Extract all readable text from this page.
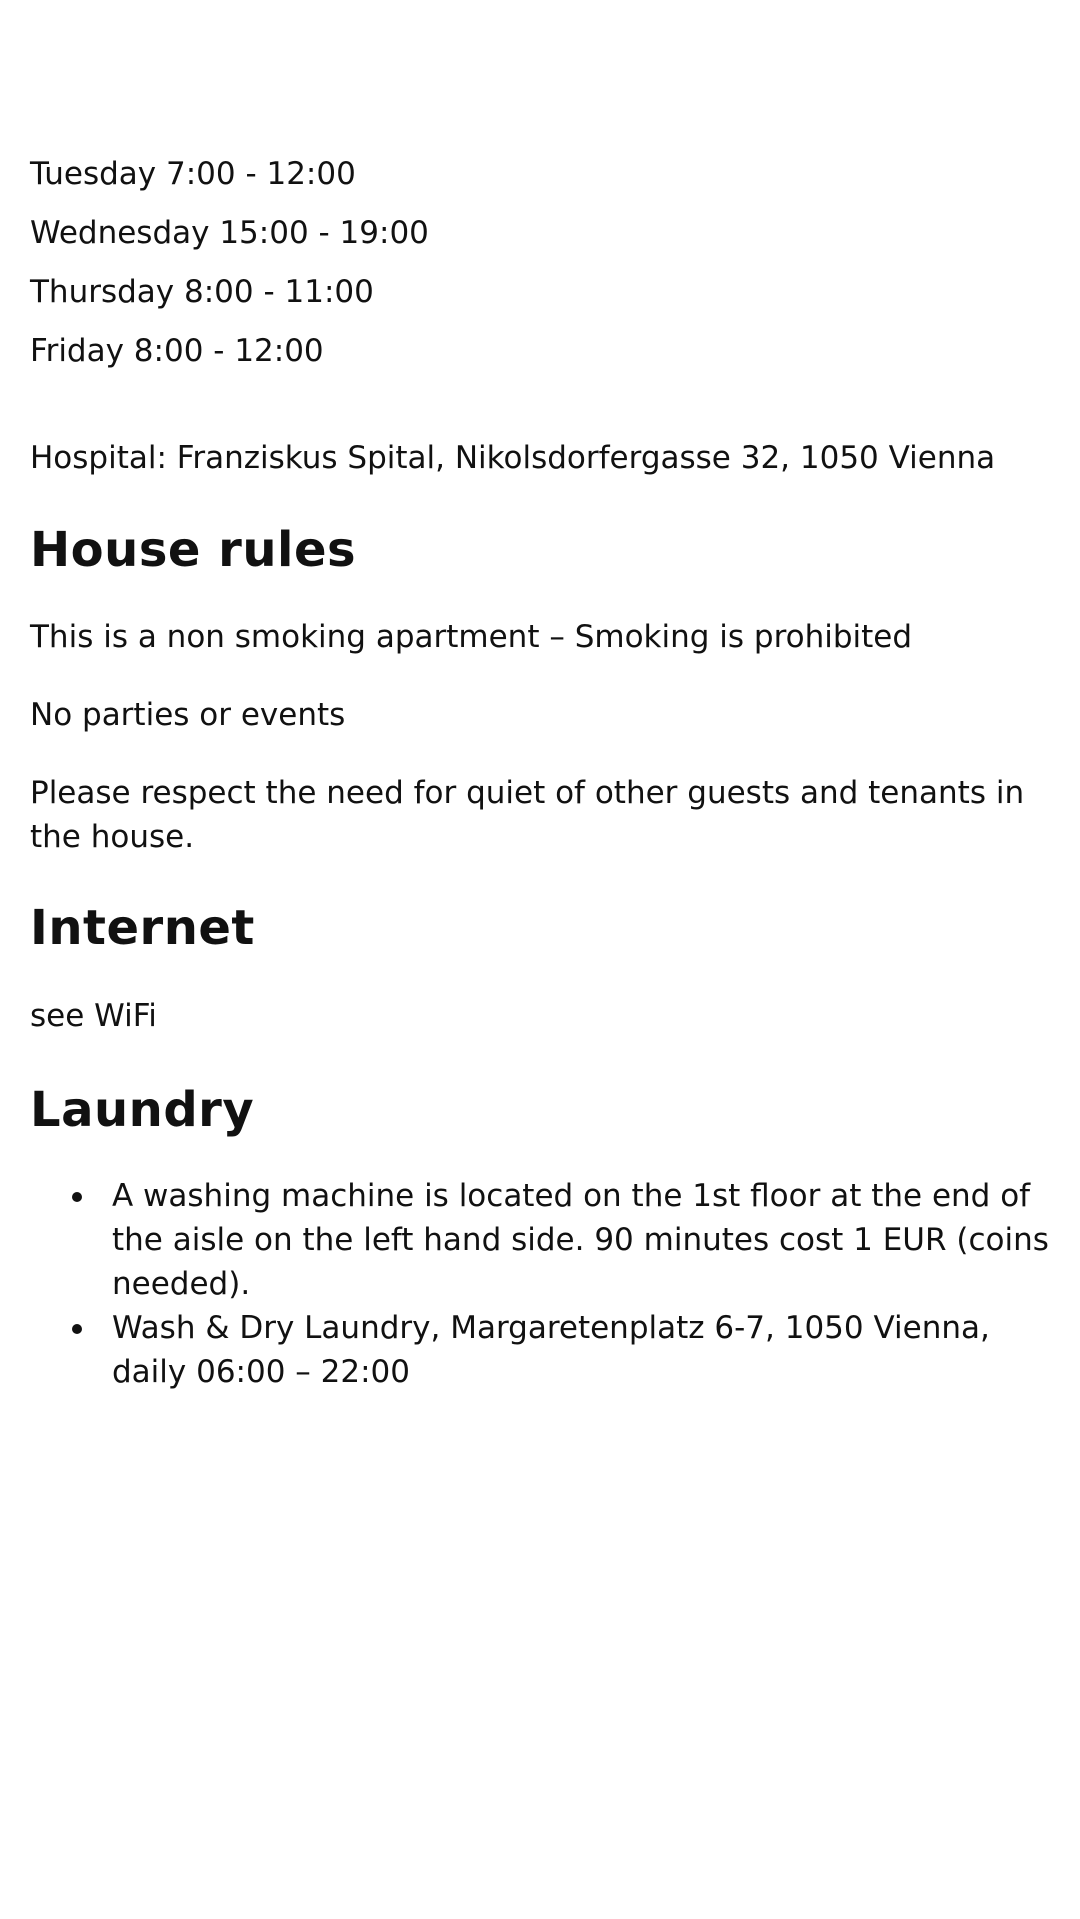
Tuesday 7:00 - 12:00
Wednesday 15:00 - 19:00
Thursday 8:00 - 11:00
Friday 8:00 - 12:00

Hospital: Franziskus Spital, Nikolsdorfergasse 32, 1050 Vienna

House rules

This is a non smoking apartment – Smoking is prohibited

No parties or events

Please respect the need for quiet of other guests and tenants in the house.

Internet

see WiFi

Laundry
A washing machine is located on the 1st floor at the end of the aisle on the left hand side. 90 minutes cost 1 EUR (coins needed).
Wash & Dry Laundry, Margaretenplatz 6-7, 1050 Vienna, daily 06:00 – 22:00
